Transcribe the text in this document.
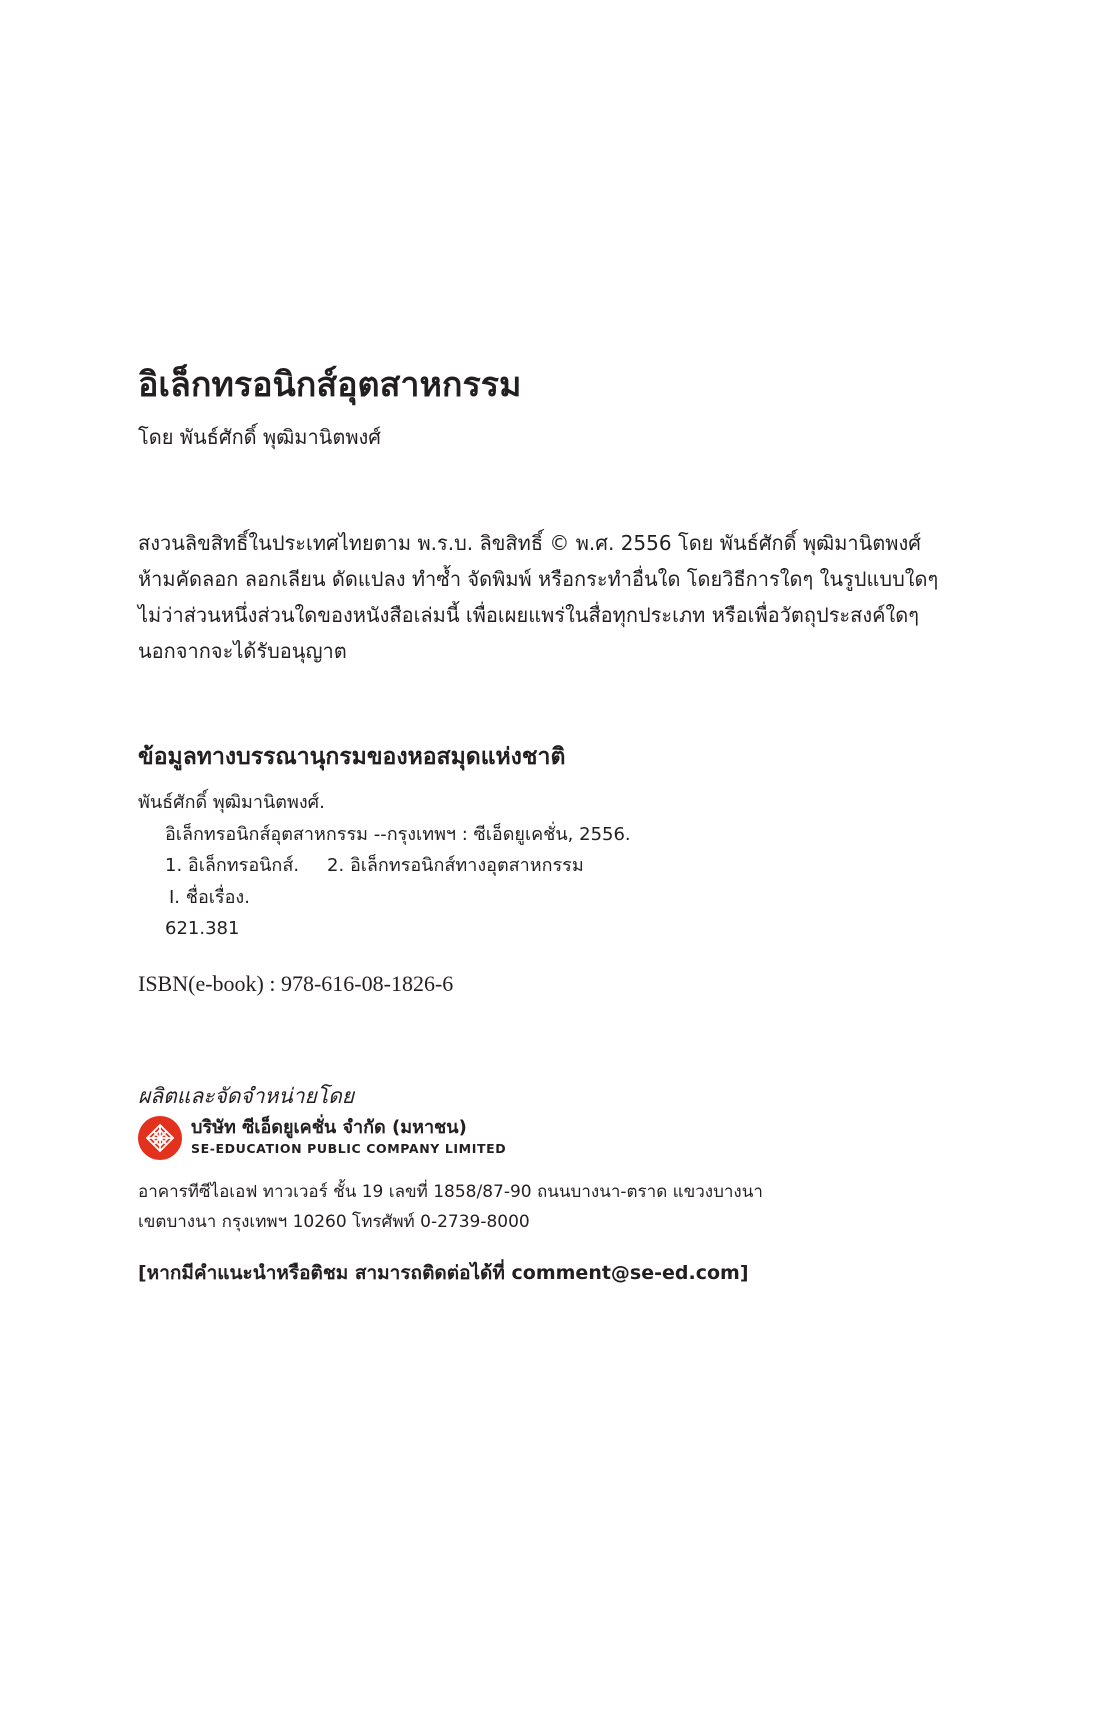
อิเล็กทรอนิกส์อุตสาหกรรม
โดย พันธ์ศักดิ์ พุฒิมานิตพงศ์
สงวนลิขสิทธิ์ในประเทศไทยตาม พ.ร.บ. ลิขสิทธิ์ © พ.ศ. 2556 โดย พันธ์ศักดิ์ พุฒิมานิตพงศ์
ห้ามคัดลอก ลอกเลียน ดัดแปลง ทำซ้ำ จัดพิมพ์ หรือกระทำอื่นใด โดยวิธีการใดๆ ในรูปแบบใดๆ
ไม่ว่าส่วนหนึ่งส่วนใดของหนังสือเล่มนี้ เพื่อเผยแพร่ในสื่อทุกประเภท หรือเพื่อวัตถุประสงค์ใดๆ
นอกจากจะได้รับอนุญาต
ข้อมูลทางบรรณานุกรมของหอสมุดแห่งชาติ
พันธ์ศักดิ์ พุฒิมานิตพงศ์.
อิเล็กทรอนิกส์อุตสาหกรรม --กรุงเทพฯ : ซีเอ็ดยูเคชั่น, 2556.
1. อิเล็กทรอนิกส์. 2. อิเล็กทรอนิกส์ทางอุตสาหกรรม
I. ชื่อเรื่อง.
621.381
ISBN(e-book) : 978-616-08-1826-6
ผลิตและจัดจำหน่ายโดย
บริษัท ซีเอ็ดยูเคชั่น จำกัด (มหาชน)
SE-EDUCATION PUBLIC COMPANY LIMITED
อาคารทีซีไอเอฟ ทาวเวอร์ ชั้น 19 เลขที่ 1858/87-90 ถนนบางนา-ตราด แขวงบางนา
เขตบางนา กรุงเทพฯ 10260 โทรศัพท์ 0-2739-8000
[หากมีคำแนะนำหรือติชม สามารถติดต่อได้ที่ comment@se-ed.com]
